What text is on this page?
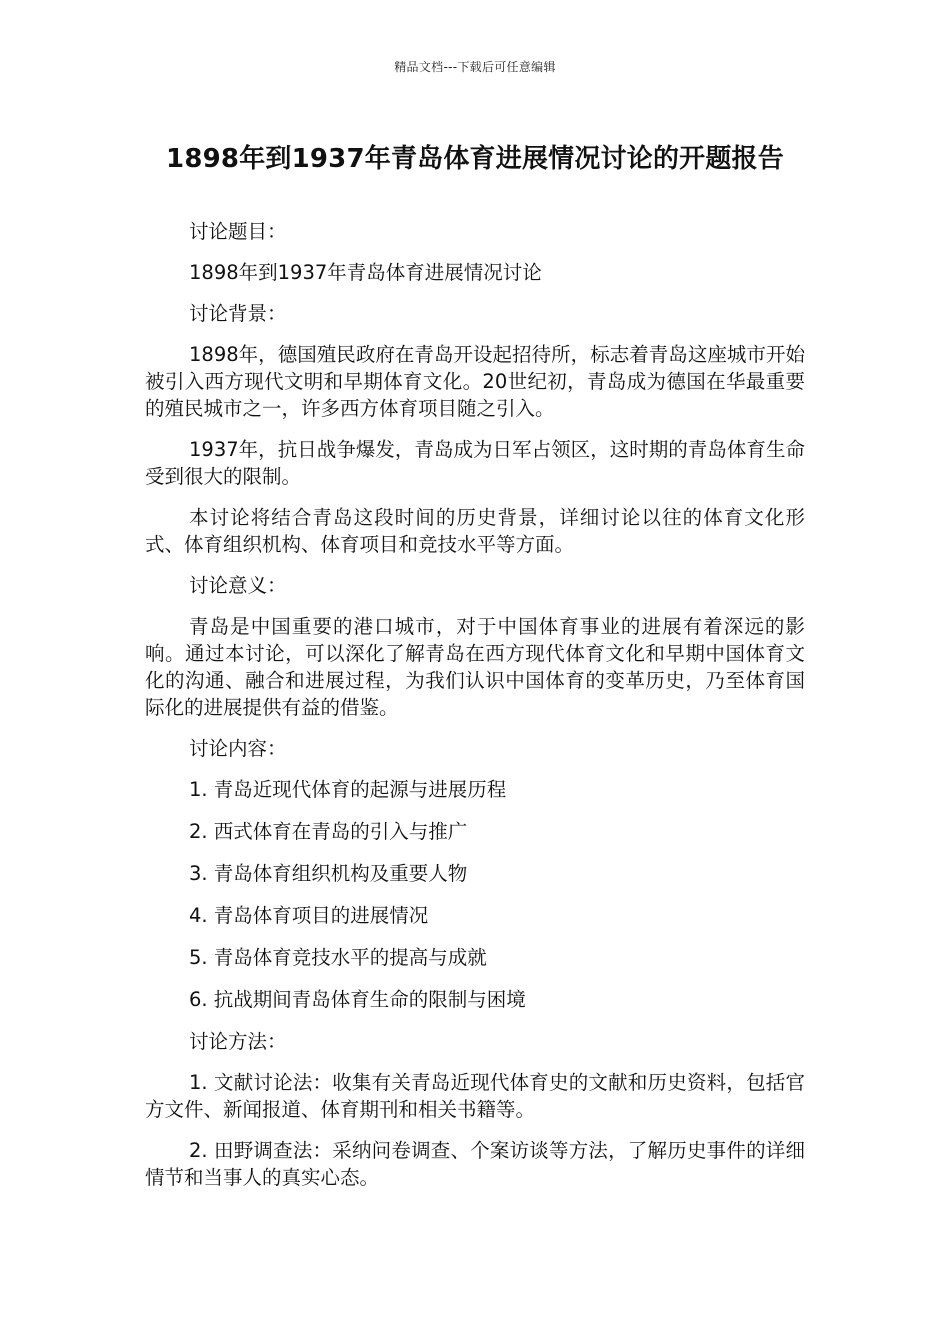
精品文档---下载后可任意编辑
1898年到1937年青岛体育进展情况讨论的开题报告

讨论题目：

1898年到1937年青岛体育进展情况讨论

讨论背景：

1898年，德国殖民政府在青岛开设起招待所，标志着青岛这座城市开始被引入西方现代文明和早期体育文化。20世纪初，青岛成为德国在华最重要的殖民城市之一，许多西方体育项目随之引入。

1937年，抗日战争爆发，青岛成为日军占领区，这时期的青岛体育生命受到很大的限制。

本讨论将结合青岛这段时间的历史背景，详细讨论以往的体育文化形式、体育组织机构、体育项目和竞技水平等方面。

讨论意义：

青岛是中国重要的港口城市，对于中国体育事业的进展有着深远的影响。通过本讨论，可以深化了解青岛在西方现代体育文化和早期中国体育文化的沟通、融合和进展过程，为我们认识中国体育的变革历史，乃至体育国际化的进展提供有益的借鉴。

讨论内容：

1. 青岛近现代体育的起源与进展历程

2. 西式体育在青岛的引入与推广

3. 青岛体育组织机构及重要人物

4. 青岛体育项目的进展情况

5. 青岛体育竞技水平的提高与成就

6. 抗战期间青岛体育生命的限制与困境

讨论方法：

1. 文献讨论法：收集有关青岛近现代体育史的文献和历史资料，包括官方文件、新闻报道、体育期刊和相关书籍等。

2. 田野调查法：采纳问卷调查、个案访谈等方法，了解历史事件的详细情节和当事人的真实心态。
